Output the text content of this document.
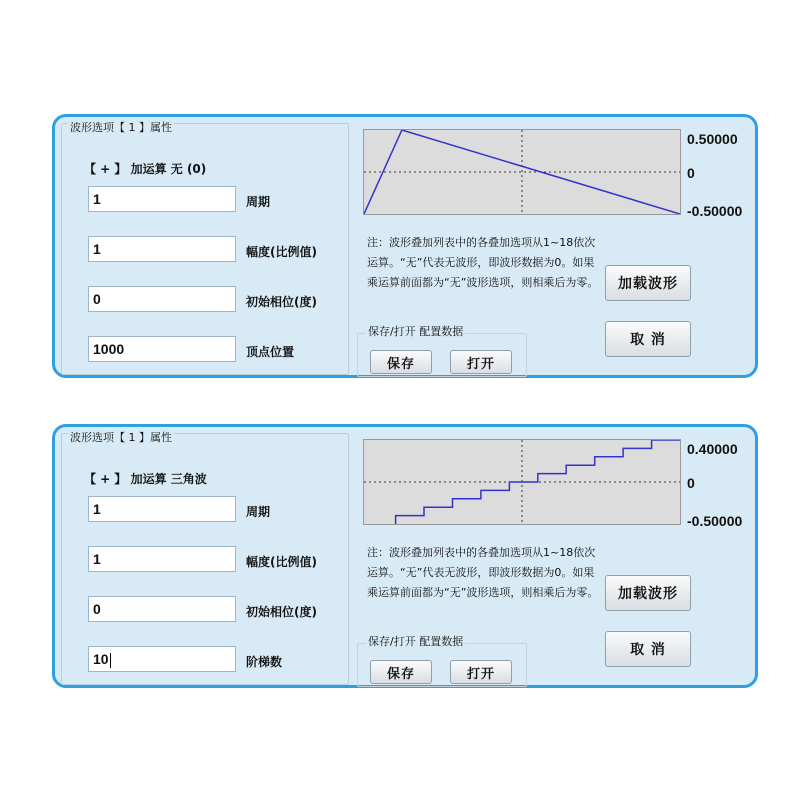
波形选项【 1 】属性
【 + 】 加运算 无 (0)
1	周期
1	幅度(比例值)
0	初始相位(度)
1000	顶点位置
0.50000
0
-0.50000
注：波形叠加列表中的各叠加选项从1~18依次运算。“无”代表无波形，即波形数据为0。如果乘运算前面都为“无”波形选项，则相乘后为零。	加载波形
取 消
保存/打开 配置数据
保存	打开
波形选项【 1 】属性
【 + 】 加运算 三角波
1	周期
1	幅度(比例值)
0	初始相位(度)
10	阶梯数
0.40000
0
-0.50000
注：波形叠加列表中的各叠加选项从1~18依次运算。“无”代表无波形，即波形数据为0。如果乘运算前面都为“无”波形选项，则相乘后为零。	加载波形
取 消
保存/打开 配置数据
保存	打开
